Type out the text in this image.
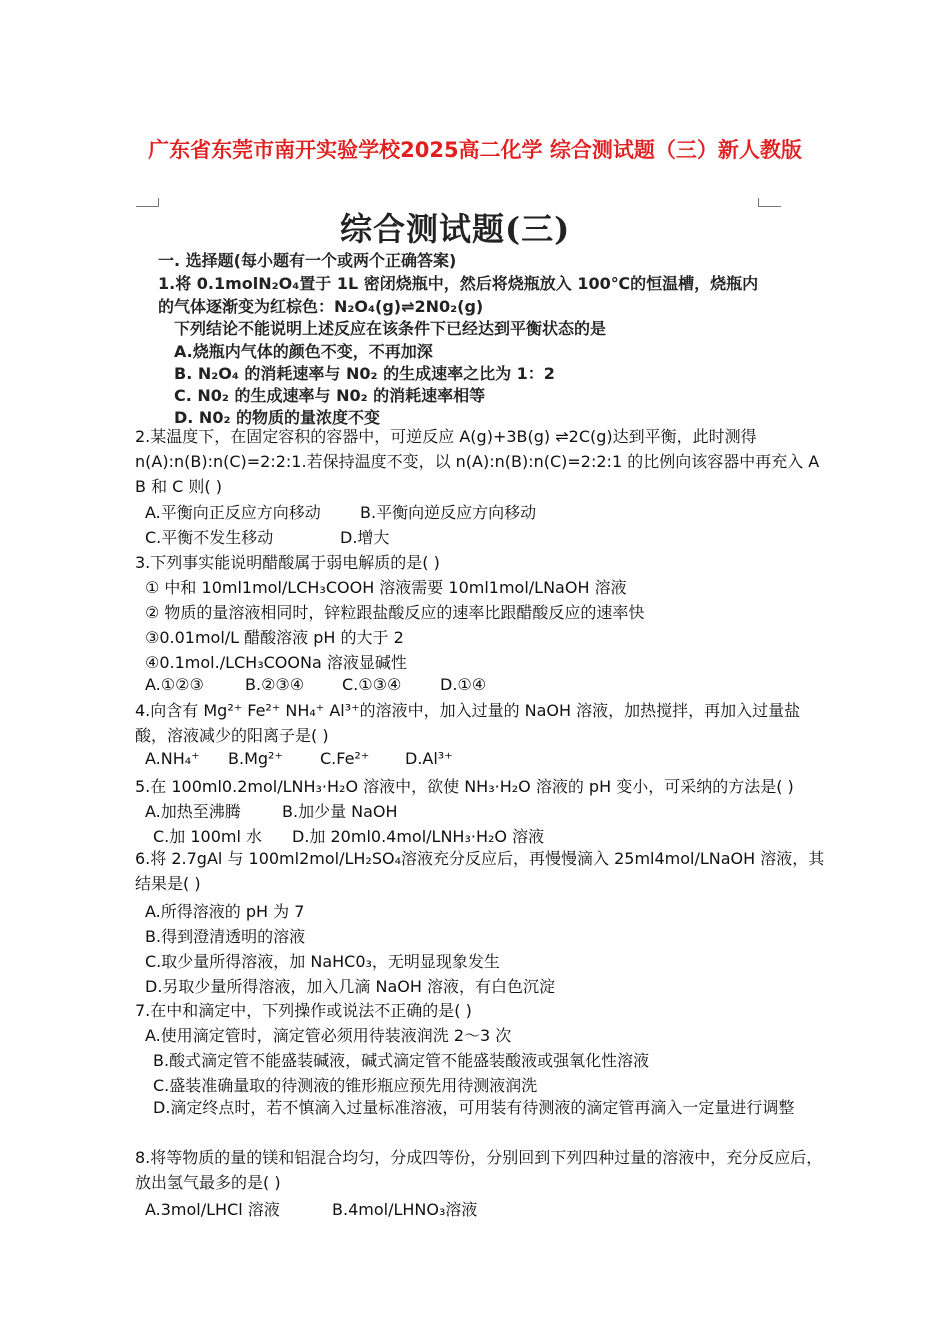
广东省东莞市南开实验学校2025高二化学 综合测试题（三）新人教版
综合测试题(三)
一. 选择题(每小题有一个或两个正确答案)
1.将 0.1molN₂O₄置于 1L 密闭烧瓶中，然后将烧瓶放入 100℃的恒温槽，烧瓶内
的气体逐渐变为红棕色：N₂O₄(g)⇌2N0₂(g)
下列结论不能说明上述反应在该条件下已经达到平衡状态的是
A.烧瓶内气体的颜色不变，不再加深
B. N₂O₄ 的消耗速率与 N0₂ 的生成速率之比为 1：2
C. N0₂ 的生成速率与 N0₂ 的消耗速率相等
D. N0₂ 的物质的量浓度不变
2.某温度下，在固定容积的容器中，可逆反应 A(g)+3B(g) ⇌2C(g)达到平衡，此时测得 n(A):n(B):n(C)=2:2:1.若保持温度不变，以 n(A):n(B):n(C)=2:2:1 的比例向该容器中再充入 A B 和 C 则( )
A.平衡向正反应方向移动 B.平衡向逆反应方向移动
C.平衡不发生移动	D.增大
3.下列事实能说明醋酸属于弱电解质的是( )
① 中和 10ml1mol/LCH₃COOH 溶液需要 10ml1mol/LNaOH 溶液
② 物质的量溶液相同时，锌粒跟盐酸反应的速率比跟醋酸反应的速率快
③0.01mol/L 醋酸溶液 pH 的大于 2
④0.1mol./LCH₃COONa 溶液显碱性
A.①②③	B.②③④ C.①③④ D.①④
4.向含有 Mg²⁺ Fe²⁺ NH₄⁺ Al³⁺的溶液中，加入过量的 NaOH 溶液，加热搅拌，再加入过量盐酸，溶液减少的阳离子是( )
A.NH₄⁺ B.Mg²⁺ C.Fe²⁺ D.Al³⁺
5.在 100ml0.2mol/LNH₃·H₂O 溶液中，欲使 NH₃·H₂O 溶液的 pH 变小，可采纳的方法是( )
A.加热至沸腾	B.加少量 NaOH
C.加 100ml 水 D.加 20ml0.4mol/LNH₃·H₂O 溶液
6.将 2.7gAl 与 100ml2mol/LH₂SO₄溶液充分反应后，再慢慢滴入 25ml4mol/LNaOH 溶液，其结果是( )
A.所得溶液的 pH 为 7
B.得到澄清透明的溶液
C.取少量所得溶液，加 NaHC0₃，无明显现象发生
D.另取少量所得溶液，加入几滴 NaOH 溶液，有白色沉淀
7.在中和滴定中，下列操作或说法不正确的是( )
A.使用滴定管时，滴定管必须用待装液润洗 2～3 次
B.酸式滴定管不能盛装碱液，碱式滴定管不能盛装酸液或强氧化性溶液
C.盛装准确量取的待测液的锥形瓶应预先用待测液润洗
D.滴定终点时，若不慎滴入过量标准溶液，可用装有待测液的滴定管再滴入一定量进行调整
8.将等物质的量的镁和铝混合均匀，分成四等份，分别回到下列四种过量的溶液中，充分反应后，放出氢气最多的是( )
A.3mol/LHCl 溶液	B.4mol/LHNO₃溶液
